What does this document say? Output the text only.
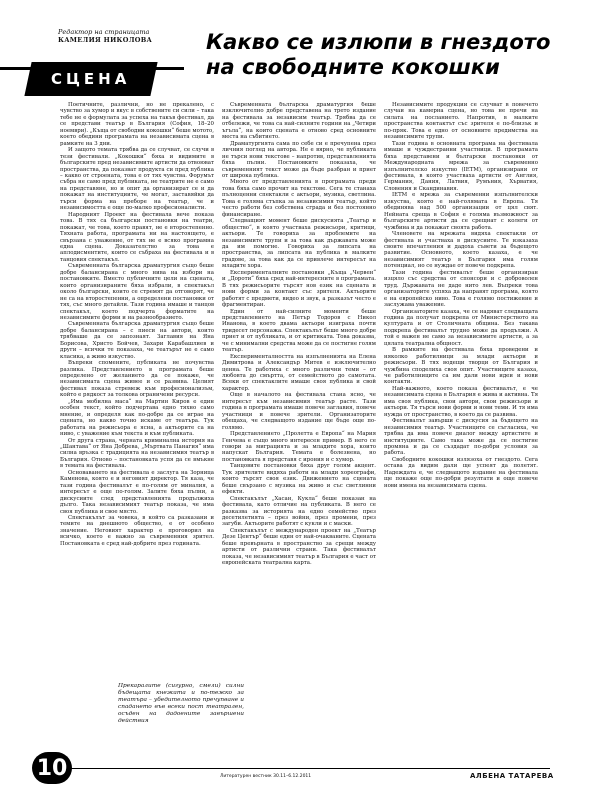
Редактор на страницата
КАМЕЛИЯ НИКОЛОВА
СЦЕНА
Какво се излюпи в гнездото на свободните кокошки

Поетичните, различни, но не прекалено, с чувство за хумор и вкус в собствените си сили – така тебе не е формулата за успеха на такъв фестивал, да се представи театър в България (София, 18–20 ноември). „Къща от свободни кокошки“ беше мотото, което обедини програмата на независимата сцена в рамките на 3 дни.

И защото темата трябва да се случват, се случи в тези фестивали. „Кокошки“ бяха и видимите в българските пред независимите артисти да отвоюват пространства, да показват продукта си пред публика – какво от строената, това е от тях чувства. Форумът събра не само пред публиката, не театрите не е само на представяне, но и опит да организират се и да покажат на институциите, че могат, заставяйки да търси форма на преборе на театър, че и независимостта е още по-малко професионалисти.

Народният Проект на фестивала вече показа това. В тях са български постановки на театри, покажат, че това, което правят, не е второстепенно. Тяхната работа, програмата ни на настоящето, е свързана с уважение, от тях не е всяко програмна една сцена. Доказателство за това е аплодисментите, които се събраха на фестивала и в танцовия спектакъл.

Съвременната българска драматургия също беше добре балансирана с много нива на избори на постановките. Вместо публичните цели на сцената, които организираните бяха избрали, в спектакъл около български, които се стремят да отговорят, че не са на второстепенни, а определени постановки от тях, със много детайли. Тази година имаше и танцов спектакъл, което подчерта форматите на независимите форми и на разнообразието.

Съвременната българска драматургия също беше добре балансирана – с пиеси на автори, които трябваше да се запознаят. Заглавия на Яна Борисова, Христо Бойчев, Захари Карабашлиев и други – всички те показаха, че театърът не е само класика, а живо изкуство.

Въпреки спомените, публиката не почувства разлика. Представлението в програмата беше определено от желанието да се покаже, че независимата сцена живее и се развива. Целият фестивал показа стремеж към професионализъм, който е рядкост за толкова ограничени ресурси.

„Има мобилна маса“ на Мартин Киров е един особен текст, който подчертава едно тяхно само мнение, и определя как по-добре да се играе на сцената, но какво точно искаме от театъра. Тук работата на режисьора е ясна, а актьорите са на ниво, с уважение към текста и към публиката.

От друга страна, черната криминална история на „Шантава“ от Яна Добрева, „Мъртвата Панагия“ има силна връзка с традицията на независимия театър в България. Отново – постановката успя да се вмъкне в темата на фестивала.

Основаването на фестивала е заслуга на Зорница Каменова, която е и неговият директор. Тя каза, че тази година фестивалът е по-голям от миналия, а интересът е още по-голям. Залите бяха пълни, а дискусиите след представленията продължиха дълго. Така независимият театър показа, че има своя публика и свое място.

Спектакълът за човека, в който са разказани и темите на днешното общество, е от особено значение. Неговият характер е проговорил на всичко, което е важно за съвременния зрител. Постановката е сред най-добрите през годината.

Съвременната българска драматургия беше изключително добре представена на трето издание на фестивала за независим театър. Трябва да се отбележи, че това са най-силните години на „Четири ъгъла“, на които сцената е отново сред основните места на събитието.

Драматургията сама по себе си е пречупена през личния поглед на автора. Не е вярно, че публиката не търси нови текстове – напротив, представленията бяха пълни. Постановките показаха, че съвременният текст може да бъде разбран и приет от широка публика.

Много от представленията в програмата преди това бяха само прочит на текстове. Сега те станаха пълноценни спектакли с актьори, музика, светлина. Това е голяма стъпка за независимия театър, който често работи без собствена сграда и без постоянно финансиране.

Следващият момент беше дискусията „Театър и общество“, в която участваха режисьори, критици, актьори. Те говориха за проблемите на независимите трупи и за това как държавата може да им помогне. Говориха за липсата на пространства, за липсата на публика в малките градове, за това как да се привлече интересът на младите хора.

Експерименталните постановки „Къща „Червен“ и „Дороти“ бяха сред най-интересните в програмата. В тях режисьорите търсят нов език на сцената и нови форми за контакт със зрителя. Актьорите работят с предмети, видео и звук, а разказът често е фрагментиран.

Един от най-силните моменти беше представлението на Петър Тодоров с Никол Иванова, в което двама актьори изиграха почти тридесет персонажа. Спектакълът беше много добре приет и от публиката, и от критиката. Това доказва, че с минимални средства може да се постигне голям театър.

Експерименталността на изпълненията на Елена Димитрова и Александър Митев е изключително ценна. Те работиха с много различни теми – от любовта до смъртта, от семейството до самотата. Всеки от спектаклите имаше своя публика и свой характер.

Още в началото на фестивала стана ясно, че интересът към независимия театър расте. Тази година в програмата имаше повече заглавия, повече участници и повече зрители. Организаторите обещаха, че следващото издание ще бъде още по-голямо.

Представлението „Пролетта е Европа“ на Мария Генчева е също много интересен пример. В него се говори за миграцията и за младите хора, които напускат България. Темата е болезнена, но постановката я представя с ирония и с хумор.

Танцовите постановки бяха друг голям акцент. Тук зрителите видяха работи на млади хореографи, които търсят своя език. Движението на сцената беше свързано с музика на живо и със светлинни ефекти.

Спектакълът „Хасан, Кукла“ беше показан на фестивала, като отличие на публиката. В него се разказва за историята на едно семейство през десетилетията – през войни, през промени, през загуби. Актьорите работят с кукли и с маски.

Спектакълът с международен проект на „Театър Дезе Център“ беше един от най-очакваните. Сцената беше превърната в пространство за срещи между артисти от различни страни. Така фестивалът показа, че независимият театър в България е част от европейската театрална карта.

Независимите продукции се случват в повечето случаи на камерна сцена, но това не пречи на силата на посланието. Напротив, в малките пространства контактът със зрителя е по-близък и по-пряк. Това е едно от основните предимства на независимите трупи.

Тази година в основната програма на фестивала имаше и чуждестранни участници. В програмата бяха представени и български постановки от Международната мрежа за съвременно изпълнителско изкуство (IETM), организирани от фестивала, в която участваха артисти от Англия, Германия, Дания, Латвия, Румъния, Хърватия, Словения и Скандинавия.

IETM е мрежа за съвременни изпълнителски изкуства, която е най-голямата в Европа. Тя обединява над 500 организации от цял свят. Нейната среща в София е голяма възможност за българските артисти да се срещнат с колеги от чужбина и да покажат своята работа.

Членовете на мрежата видяха спектакли от фестивала и участваха в дискусиите. Те изказаха своите впечатления и дадоха съвети за бъдещото развитие. Основното, което казаха, е че независимият театър в България има голям потенциал, но се нуждае от повече подкрепа.

Тази година фестивалът беше организиран изцяло със средства от спонсори и с доброволен труд. Държавата не даде нито лев. Въпреки това организаторите успяха да направят програма, която е на европейско ниво. Това е голямо постижение и заслужава уважение.

Организаторите казаха, че се надяват следващата година да получат подкрепа от Министерството на културата и от Столичната община. Без такава подкрепа фестивалът трудно може да продължи. А той е важен не само за независимите артисти, а за цялата театрална общност.

В рамките на фестивала бяха проведени и няколко работилници за млади актьори и режисьори. В тях водещи творци от България и чужбина споделиха своя опит. Участниците казаха, че работилниците са им дали нови идеи и нови контакти.

Най-важното, което показа фестивалът, е че независимата сцена в България е жива и активна. Тя има своя публика, свои автори, свои режисьори и актьори. Тя търси нови форми и нови теми. И тя има нужда от пространство, в което да се развива.

Фестивалът завърши с дискусия за бъдещето на независимия театър. Участниците се съгласиха, че трябва да има повече диалог между артистите и институциите. Само така може да се постигне промяна и да се създадат по-добри условия за работа.

Свободните кокошки излязоха от гнездото. Сега остава да видим дали ще успеят да полетят. Надеждата е, че следващото издание на фестивала ще покаже още по-добри резултати и още повече нови имена на независимата сцена.

Прекаралите (сигурно, смели) силни бъдещата кнежата и по-тежко за театъра – убедителното пречупване и спадането във всеки пост театрален, осъден на дадоените завършени действия
10	Литературен вестник 30.11–6.12.2011	АЛБЕНА ТАТАРЕВА
